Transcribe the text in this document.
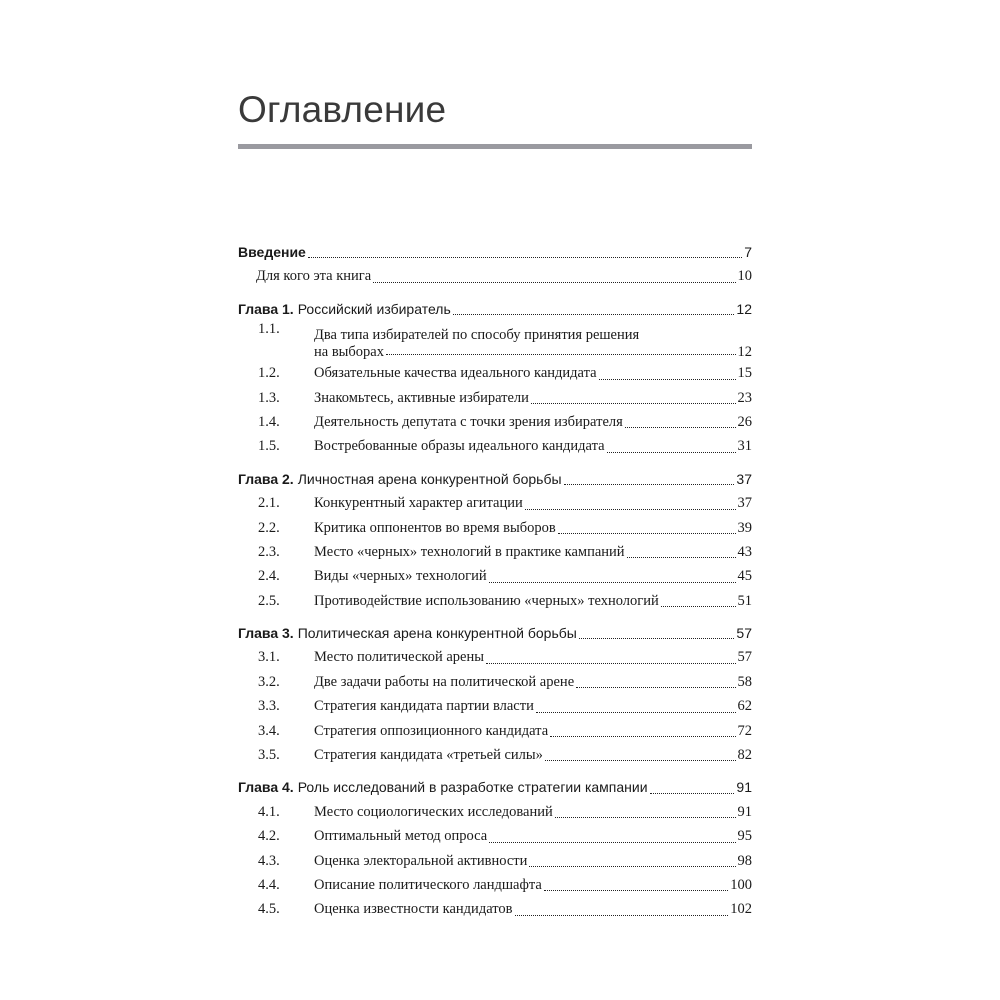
Оглавление
Введение	7
Для кого эта книга	10
Глава 1. Российский избиратель	12
1.1.	Два типа избирателей по способу принятия решения
на выборах	12
1.2.	Обязательные качества идеального кандидата	15
1.3.	Знакомьтесь, активные избиратели	23
1.4.	Деятельность депутата с точки зрения избирателя	26
1.5.	Востребованные образы идеального кандидата	31
Глава 2. Личностная арена конкурентной борьбы	37
2.1.	Конкурентный характер агитации	37
2.2.	Критика оппонентов во время выборов	39
2.3.	Место «черных» технологий в практике кампаний	43
2.4.	Виды «черных» технологий	45
2.5.	Противодействие использованию «черных» технологий	51
Глава 3. Политическая арена конкурентной борьбы	57
3.1.	Место политической арены	57
3.2.	Две задачи работы на политической арене	58
3.3.	Стратегия кандидата партии власти	62
3.4.	Стратегия оппозиционного кандидата	72
3.5.	Стратегия кандидата «третьей силы»	82
Глава 4. Роль исследований в разработке стратегии кампании	91
4.1.	Место социологических исследований	91
4.2.	Оптимальный метод опроса	95
4.3.	Оценка электоральной активности	98
4.4.	Описание политического ландшафта	100
4.5.	Оценка известности кандидатов	102
